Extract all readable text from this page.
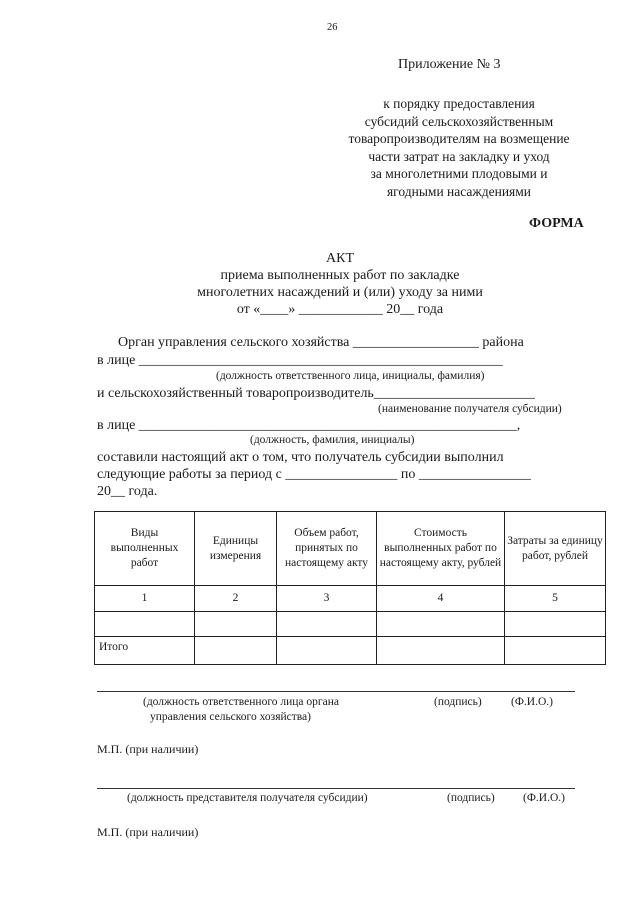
26
Приложение № 3
к порядку предоставления
субсидий сельскохозяйственным
товаропроизводителям на возмещение
части затрат на закладку и уход
за многолетними плодовыми и
ягодными насаждениями
ФОРМА
АКТ
приема выполненных работ по закладке
многолетних насаждений и (или) уходу за ними
от «____» ____________ 20__ года
Орган управления сельского хозяйства __________________ района
в лице ____________________________________________________
(должность ответственного лица, инициалы, фамилия)
и сельскохозяйственный товаропроизводитель_______________________
(наименование получателя субсидии)
в лице ______________________________________________________,
(должность, фамилия, инициалы)
составили настоящий акт о том, что получатель субсидии выполнил
следующие работы за период с ________________ по ________________
20__ года.
Виды выполненных работ	Единицы измерения	Объем работ, принятых по настоящему акту	Стоимость выполненных работ по настоящему акту, рублей	Затраты за единицу работ, рублей
1	2	3	4	5

Итого				
(должность ответственного лица органа
управления сельского хозяйства)
(подпись)	(Ф.И.О.)
М.П. (при наличии)
(должность представителя получателя субсидии)	(подпись) (Ф.И.О.)
М.П. (при наличии)
